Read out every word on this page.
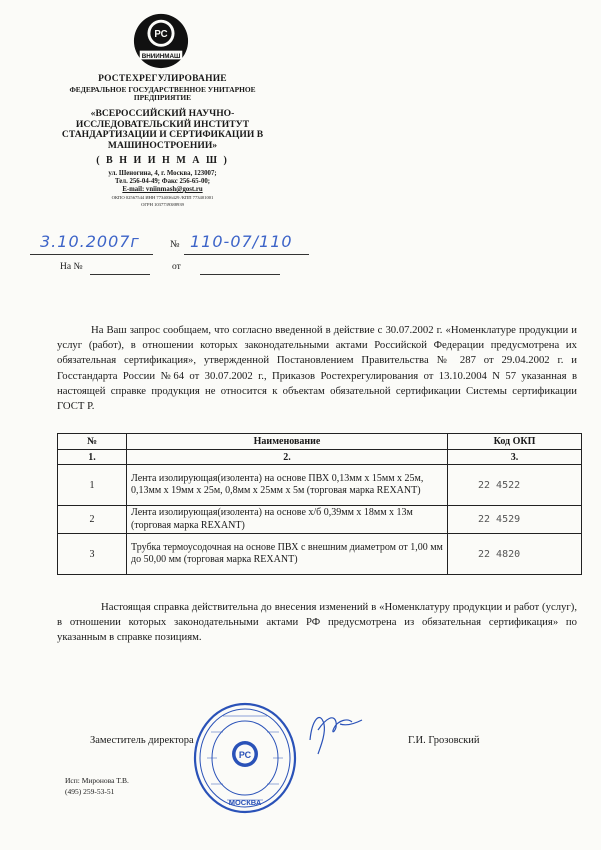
РС
ВНИИНМАШ
РОСТЕХРЕГУЛИРОВАНИЕ
ФЕДЕРАЛЬНОЕ ГОСУДАРСТВЕННОЕ УНИТАРНОЕ ПРЕДПРИЯТИЕ
«ВСЕРОССИЙСКИЙ НАУЧНО-ИССЛЕДОВАТЕЛЬСКИЙ ИНСТИТУТ СТАНДАРТИЗАЦИИ И СЕРТИФИКАЦИИ В МАШИНОСТРОЕНИИ»
( В Н И И Н М А Ш )
ул. Шеногина, 4, г. Москва, 123007;
Тел. 256-04-49; Факс 256-65-00;
E-mail: vniinmash@gost.ru
ОКПО 02567544 ИНН 7734036429 /КПП 773401001
ОГРН 1037739388939
3.10.2007г	№ 110-07/110
На №	от
На Ваш запрос сообщаем, что согласно введенной в действие с 30.07.2002 г. «Номенклатуре продукции и услуг (работ), в отношении которых законодательными актами Российской Федерации предусмотрена их обязательная сертификация», утвержденной Постановлением Правительства № 287 от 29.04.2002 г. и Госстандарта России №64 от 30.07.2002 г., Приказов Ростехрегулирования от 13.10.2004 N 57 указанная в настоящей справке продукция не относится к объектам обязательной сертификации Системы сертификации ГОСТ Р.
№	Наименование	Код ОКП
1.	2.	3.
1	Лента изолирующая(изолента) на основе ПВХ 0,13мм х 15мм х 25м, 0,13мм х 19мм х 25м, 0,8мм х 25мм х 5м (торговая марка REXANT)	22 4522
2	Лента изолирующая(изолента) на основе х/б 0,39мм х 18мм х 13м (торговая марка REXANT)	22 4529
3	Трубка термоусодочная на основе ПВХ с внешним диаметром от 1,00 мм до 50,00 мм (торговая марка REXANT)	22 4820
Настоящая справка действительна до внесения изменений в «Номенклатуру продукции и работ (услуг), в отношении которых законодательными актами РФ предусмотрена из обязательная сертификация» по указанным в справке позициям.
РС
МОСКВА
Заместитель директора	Г.И. Грозовский
Исп: Миронова Т.В.
(495) 259-53-51
